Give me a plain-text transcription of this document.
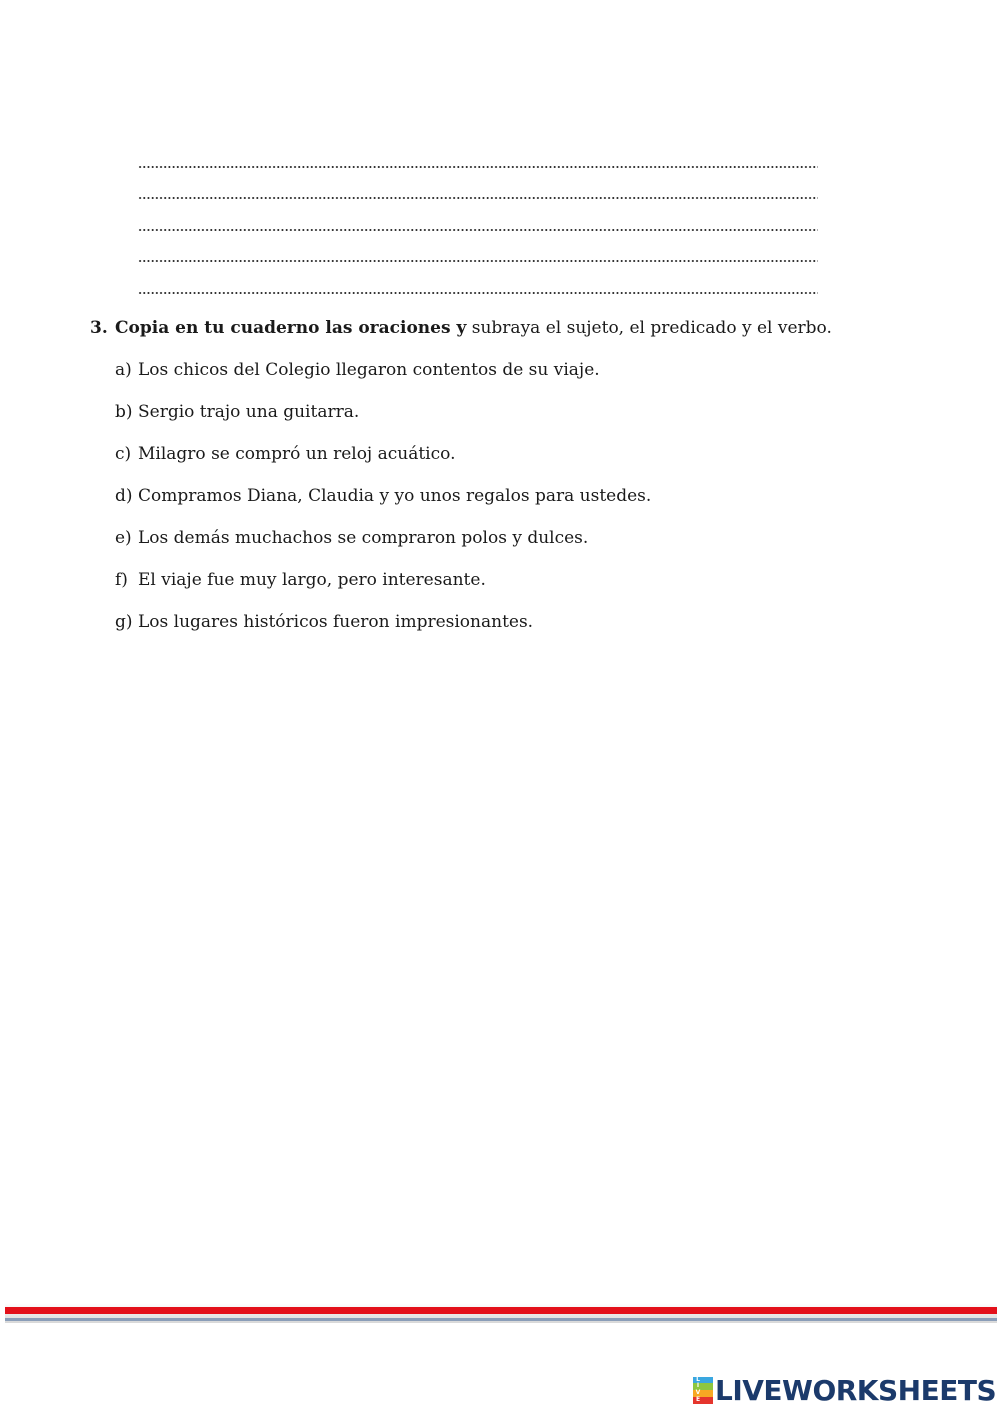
3. Copia en tu cuaderno las oraciones y subraya el sujeto, el predicado y el verbo.
a) Los chicos del Colegio llegaron contentos de su viaje.
b) Sergio trajo una guitarra.
c) Milagro se compró un reloj acuático.
d) Compramos Diana, Claudia y yo unos regalos para ustedes.
e) Los demás muchachos se compraron polos y dulces.
f) El viaje fue muy largo, pero interesante.
g) Los lugares históricos fueron impresionantes.
L
I
V
E LIVEWORKSHEETS
